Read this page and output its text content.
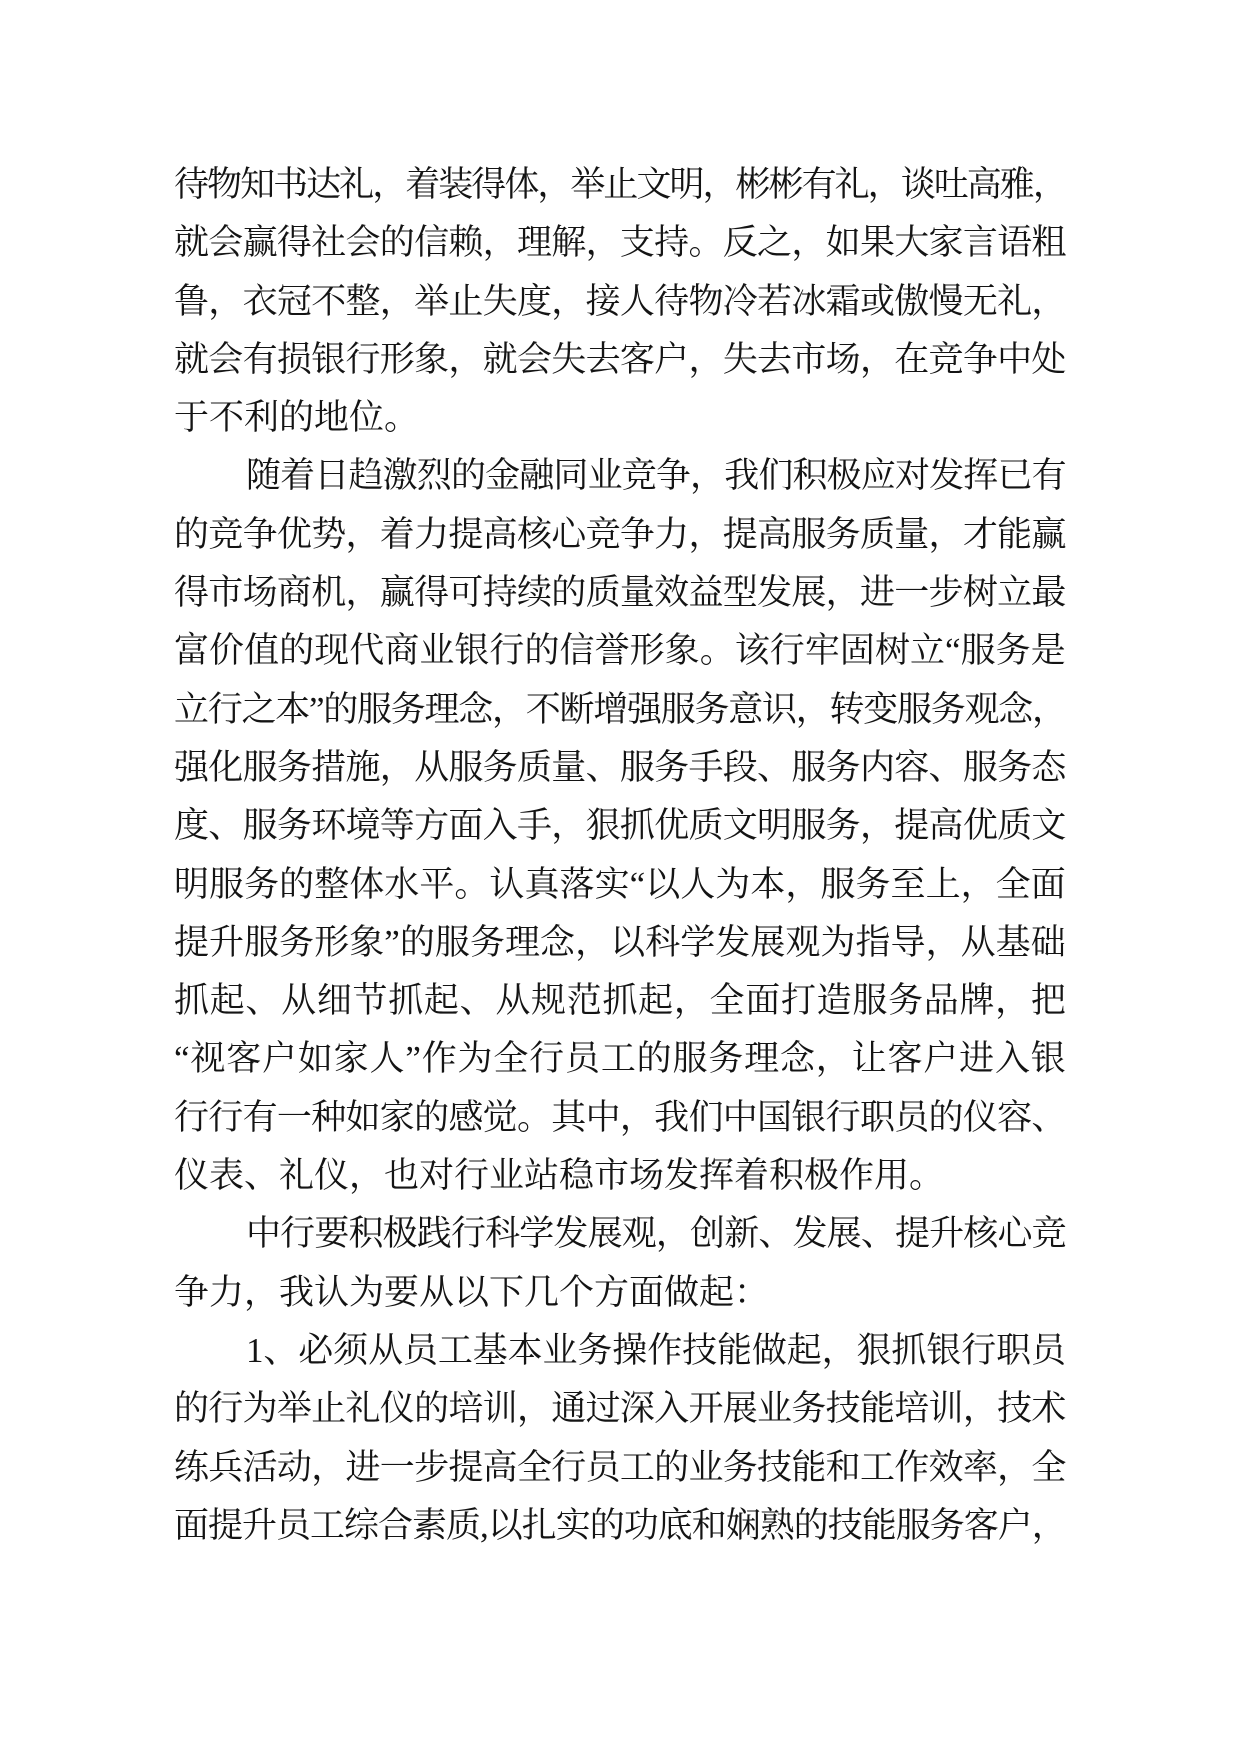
待 物 知 书 达 礼 ， 着 装 得 体 ， 举 止 文 明 ， 彬 彬 有 礼 ， 谈 吐 高 雅 ，
就 会 赢 得 社 会 的 信 赖 ， 理 解 ， 支 持 。 反 之 ， 如 果 大 家 言 语 粗
鲁 ， 衣 冠 不 整 ， 举 止 失 度 ， 接 人 待 物 冷 若 冰 霜 或 傲 慢 无 礼 ，
就 会 有 损 银 行 形 象 ， 就 会 失 去 客 户 ， 失 去 市 场 ， 在 竞 争 中 处
于不利的地位。
随 着 日 趋 激 烈 的 金 融 同 业 竞 争 ， 我 们 积 极 应 对 发 挥 已 有
的 竞 争 优 势 ， 着 力 提 高 核 心 竞 争 力 ， 提 高 服 务 质 量 ， 才 能 赢
得 市 场 商 机 ， 赢 得 可 持 续 的 质 量 效 益 型 发 展 ， 进 一 步 树 立 最
富 价 值 的 现 代 商 业 银 行 的 信 誉 形 象 。 该 行 牢 固 树 立 “ 服 务 是
立 行 之 本 ” 的 服 务 理 念 ， 不 断 增 强 服 务 意 识 ， 转 变 服 务 观 念 ，
强 化 服 务 措 施 ， 从 服 务 质 量 、 服 务 手 段 、 服 务 内 容 、 服 务 态
度 、 服 务 环 境 等 方 面 入 手 ， 狠 抓 优 质 文 明 服 务 ， 提 高 优 质 文
明 服 务 的 整 体 水 平 。 认 真 落 实 “ 以 人 为 本 ， 服 务 至 上 ， 全 面
提 升 服 务 形 象 ” 的 服 务 理 念 ， 以 科 学 发 展 观 为 指 导 ， 从 基 础
抓 起 、 从 细 节 抓 起 、 从 规 范 抓 起 ， 全 面 打 造 服 务 品 牌 ， 把
“ 视 客 户 如 家 人 ” 作 为 全 行 员 工 的 服 务 理 念 ， 让 客 户 进 入 银
行 行 有 一 种 如 家 的 感 觉 。 其 中 ， 我 们 中 国 银 行 职 员 的 仪 容 、
仪表、礼仪，也对行业站稳市场发挥着积极作用。
中 行 要 积 极 践 行 科 学 发 展 观 ， 创 新 、 发 展 、 提 升 核 心 竞
争力，我认为要从以下几个方面做起：
1 、 必 须 从 员 工 基 本 业 务 操 作 技 能 做 起 ， 狠 抓 银 行 职 员
的 行 为 举 止 礼 仪 的 培 训 ， 通 过 深 入 开 展 业 务 技 能 培 训 ， 技 术
练 兵 活 动 ， 进 一 步 提 高 全 行 员 工 的 业 务 技 能 和 工 作 效 率 ， 全
面 提 升 员 工 综 合 素 质 , 以 扎 实 的 功 底 和 娴 熟 的 技 能 服 务 客 户 ，
